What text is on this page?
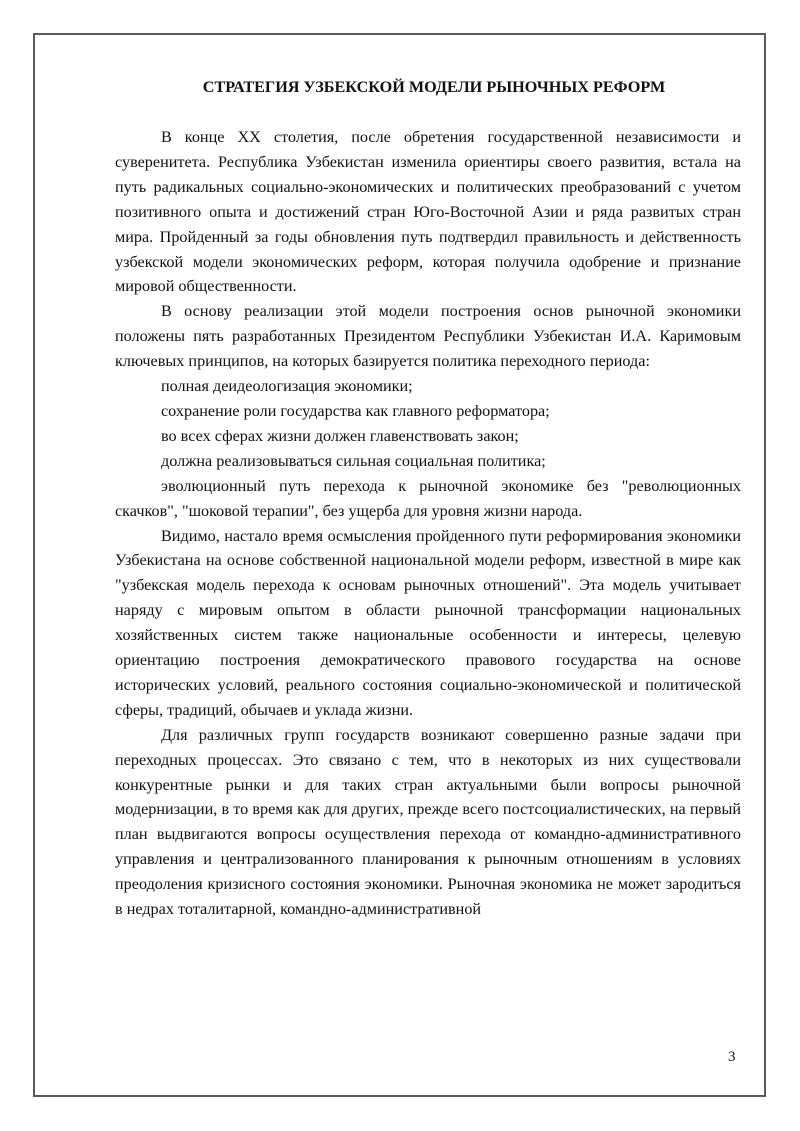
СТРАТЕГИЯ УЗБЕКСКОЙ МОДЕЛИ РЫНОЧНЫХ РЕФОРМ

В конце XX столетия, после обретения государственной независимости и суверенитета. Республика Узбекистан изменила ориентиры своего развития, встала на путь радикальных социально-экономических и политических преобразований с учетом позитивного опыта и достижений стран Юго-Восточной Азии и ряда развитых стран мира. Пройденный за годы обновления путь подтвердил правильность и действенность узбекской модели экономических реформ, которая получила одобрение и признание мировой общественности.

В основу реализации этой модели построения основ рыночной экономики положены пять разработанных Президентом Республики Узбекистан И.А. Каримовым ключевых принципов, на которых базируется политика переходного периода:

полная деидеологизация экономики;

сохранение роли государства как главного реформатора;

во всех сферах жизни должен главенствовать закон;

должна реализовываться сильная социальная политика;

эволюционный путь перехода к рыночной экономике без "революционных скачков", "шоковой терапии", без ущерба для уровня жизни народа.

Видимо, настало время осмысления пройденного пути реформирования экономики Узбекистана на основе собственной национальной модели реформ, известной в мире как "узбекская модель перехода к основам рыночных отношений". Эта модель учитывает наряду с мировым опытом в области рыночной трансформации национальных хозяйственных систем также национальные особенности и интересы, целевую ориентацию построения демократического правового государства на основе исторических условий, реального состояния социально-экономической и политической сферы, традиций, обычаев и уклада жизни.

Для различных групп государств возникают совершенно разные задачи при переходных процессах. Это связано с тем, что в некоторых из них существовали конкурентные рынки и для таких стран актуальными были вопросы рыночной модернизации, в то время как для других, прежде всего постсоциалистических, на первый план выдвигаются вопросы осуществления перехода от командно-административного управления и централизованного планирования к рыночным отношениям в условиях преодоления кризисного состояния экономики. Рыночная экономика не может зародиться в недрах тоталитарной, командно-административной

3
